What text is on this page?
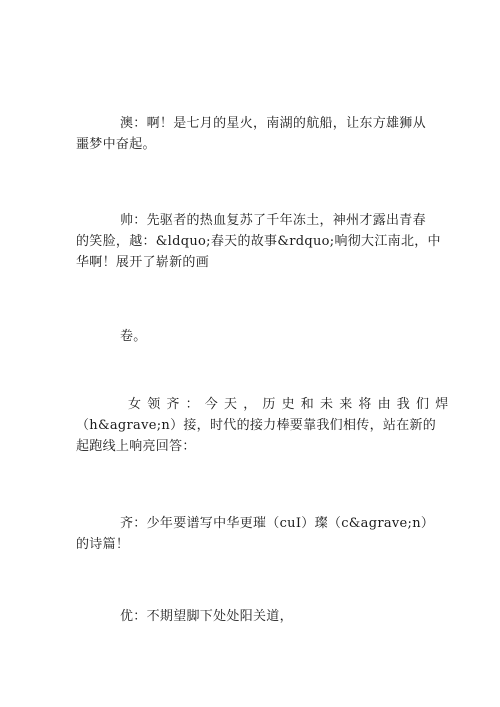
澳：啊！是七月的星火，南湖的航船，让东方雄狮从
噩梦中奋起。
帅：先驱者的热血复苏了千年冻土，神州才露出青春
的笑脸，越：&ldquo;春天的故事&rdquo;响彻大江南北，中
华啊！展开了崭新的画
卷。
女领齐：今天，历史和未来将由我们焊
（h&agrave;n）接，时代的接力棒要靠我们相传，站在新的
起跑线上响亮回答：
齐：少年要谱写中华更璀（cuⅠ）璨（c&agrave;n）
的诗篇！
优：不期望脚下处处阳关道，
